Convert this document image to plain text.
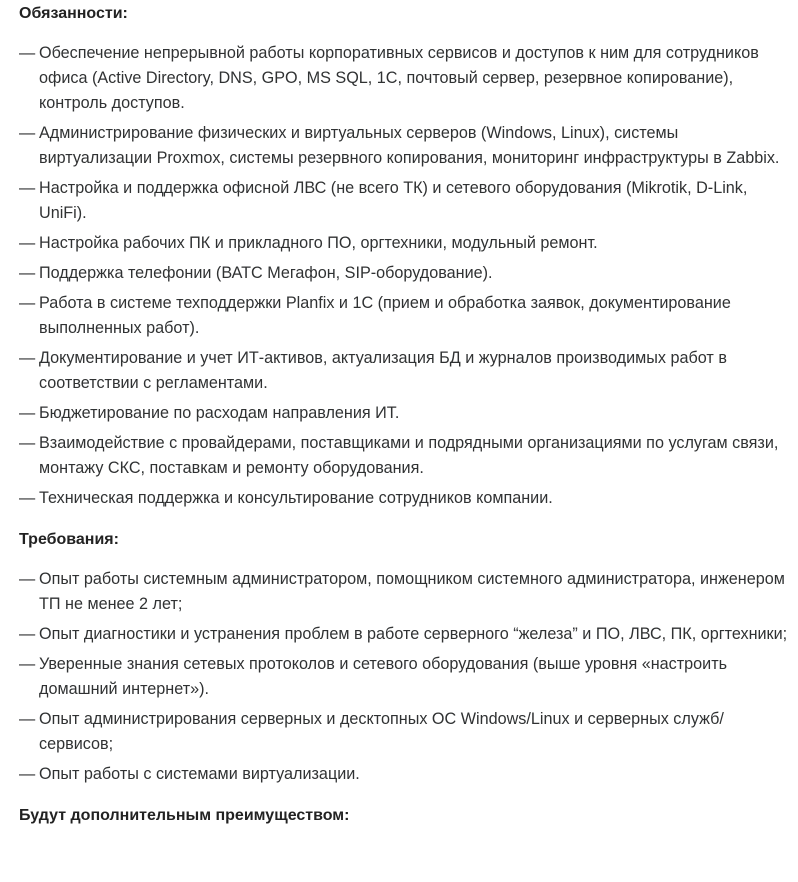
Обязанности:
— Обеспечение непрерывной работы корпоративных сервисов и доступов к ним для сотрудников офиса (Active Directory, DNS, GPO, MS SQL, 1C, почтовый сервер, резервное копирование), контроль доступов.
— Администрирование физических и виртуальных серверов (Windows, Linux), системы виртуализации Proxmox, системы резервного копирования, мониторинг инфраструктуры в Zabbix.
— Настройка и поддержка офисной ЛВС (не всего ТК) и сетевого оборудования (Mikrotik, D-Link, UniFi).
— Настройка рабочих ПК и прикладного ПО, оргтехники, модульный ремонт.
— Поддержка телефонии (ВАТС Мегафон, SIP-оборудование).
— Работа в системе техподдержки Planfix и 1С (прием и обработка заявок, документирование выполненных работ).
— Документирование и учет ИТ-активов, актуализация БД и журналов производимых работ в соответствии с регламентами.
— Бюджетирование по расходам направления ИТ.
— Взаимодействие с провайдерами, поставщиками и подрядными организациями по услугам связи, монтажу СКС, поставкам и ремонту оборудования.
— Техническая поддержка и консультирование сотрудников компании.
Требования:
— Опыт работы системным администратором, помощником системного администратора, инженером ТП не менее 2 лет;
— Опыт диагностики и устранения проблем в работе серверного “железа” и ПО, ЛВС, ПК, оргтехники;
— Уверенные знания сетевых протоколов и сетевого оборудования (выше уровня «настроить домашний интернет»).
— Опыт администрирования серверных и десктопных ОС Windows/Linux и серверных служб/сервисов;
— Опыт работы с системами виртуализации.
Будут дополнительным преимуществом:
